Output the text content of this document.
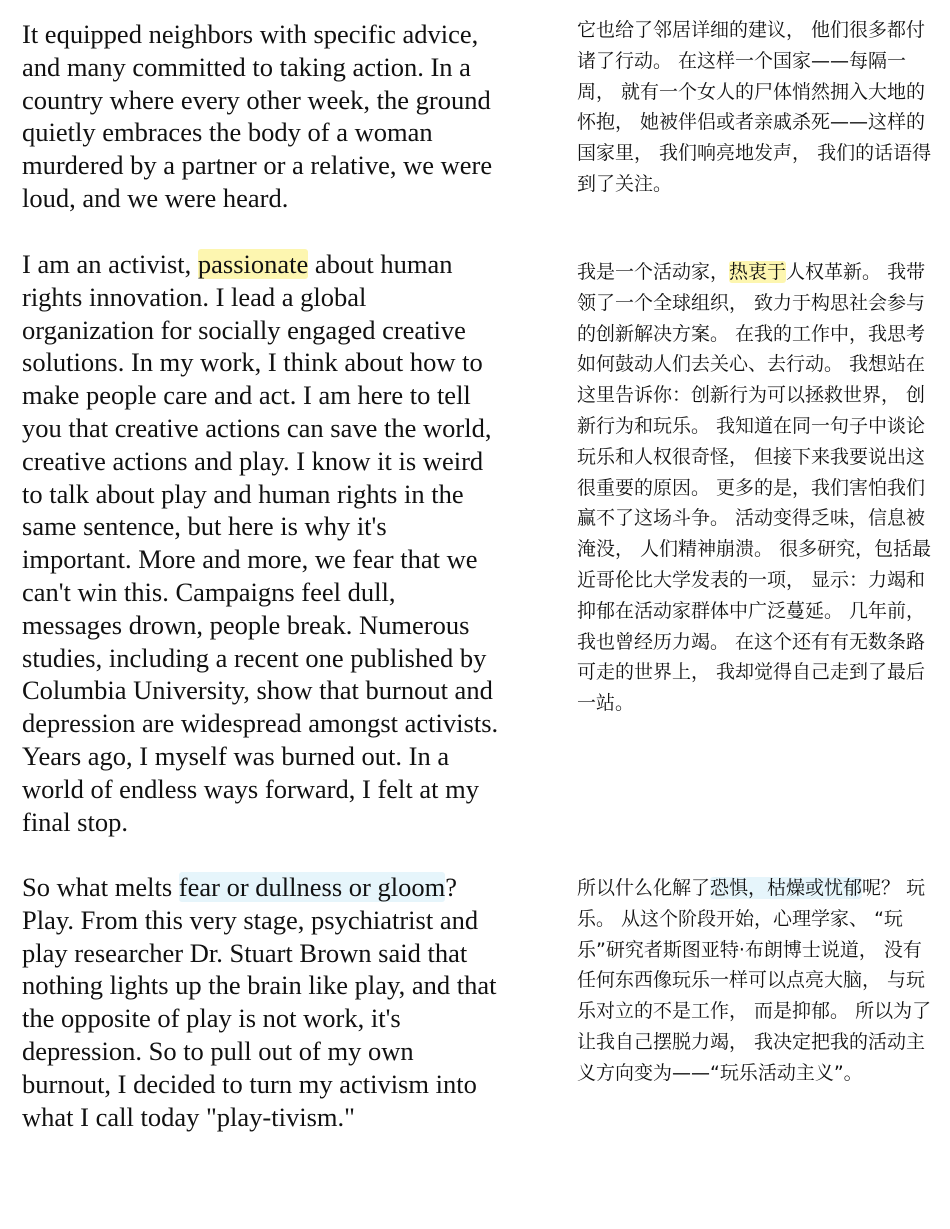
It equipped neighbors with specific advice,
and many committed to taking action. In a
country where every other week, the ground
quietly embraces the body of a woman
murdered by a partner or a relative, we were
loud, and we were heard.

它也给了邻居详细的建议， 他们很多都付诸了行动。 在这样一个国家——每隔一周， 就有一个女人的尸体悄然拥入大地的怀抱， 她被伴侣或者亲戚杀死——这样的国家里， 我们响亮地发声， 我们的话语得到了关注。

I am an activist, passionate about human
rights innovation. I lead a global
organization for socially engaged creative
solutions. In my work, I think about how to
make people care and act. I am here to tell
you that creative actions can save the world,
creative actions and play. I know it is weird
to talk about play and human rights in the
same sentence, but here is why it's
important. More and more, we fear that we
can't win this. Campaigns feel dull,
messages drown, people break. Numerous
studies, including a recent one published by
Columbia University, show that burnout and
depression are widespread amongst activists.
Years ago, I myself was burned out. In a
world of endless ways forward, I felt at my
final stop.

我是一个活动家，热衷于人权革新。 我带领了一个全球组织， 致力于构思社会参与的创新解决方案。 在我的工作中，我思考如何鼓动人们去关心、去行动。 我想站在这里告诉你：创新行为可以拯救世界， 创新行为和玩乐。 我知道在同一句子中谈论玩乐和人权很奇怪， 但接下来我要说出这很重要的原因。 更多的是，我们害怕我们赢不了这场斗争。 活动变得乏味，信息被淹没， 人们精神崩溃。 很多研究，包括最近哥伦比大学发表的一项， 显示：力竭和抑郁在活动家群体中广泛蔓延。 几年前，我也曾经历力竭。 在这个还有有无数条路可走的世界上， 我却觉得自己走到了最后一站。

So what melts fear or dullness or gloom?
Play. From this very stage, psychiatrist and
play researcher Dr. Stuart Brown said that
nothing lights up the brain like play, and that
the opposite of play is not work, it's
depression. So to pull out of my own
burnout, I decided to turn my activism into
what I call today "play-tivism."

所以什么化解了恐惧，枯燥或忧郁呢？ 玩乐。 从这个阶段开始，心理学家、 “玩乐”研究者斯图亚特·布朗博士说道， 没有任何东西像玩乐一样可以点亮大脑， 与玩乐对立的不是工作， 而是抑郁。 所以为了让我自己摆脱力竭， 我决定把我的活动主义方向变为——“玩乐活动主义”。
